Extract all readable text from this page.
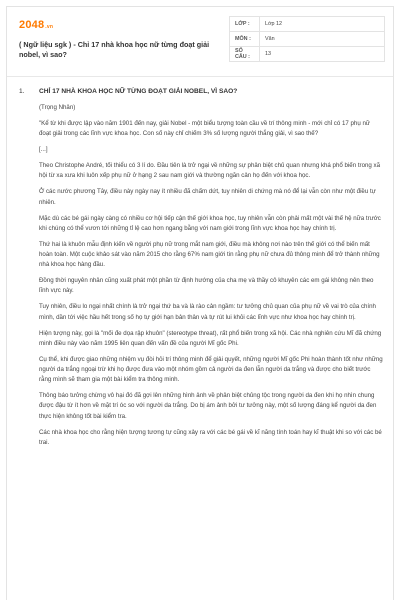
2048.vn
( Ngữ liệu sgk ) - Chỉ 17 nhà khoa học nữ từng đoạt giải nobel, vì sao?
LỚP :	Lớp 12
MÔN :	Văn
SỐ CÂU :	13
1.	CHỈ 17 NHÀ KHOA HỌC NỮ TỪNG ĐOẠT GIẢI NOBEL, VÌ SAO?

(Trọng Nhân)

"Kể từ khi được lập vào năm 1901 đến nay, giải Nobel - một biểu tượng toàn cầu về trí thông minh - mới chỉ có 17 phụ nữ đoạt giải trong các lĩnh vực khoa học. Con số này chỉ chiếm 3% số lượng người thắng giải, vì sao thế?

[...]

Theo Christophe André, tối thiểu có 3 lí do. Đầu tiên là trở ngại về những sự phân biệt chủ quan nhưng khá phổ biến trong xã hội từ xa xưa khi luôn xếp phụ nữ ở hạng 2 sau nam giới và thường ngăn cản họ đến với khoa học.

Ở các nước phương Tây, điều này ngày nay ít nhiều đã chấm dứt, tuy nhiên di chứng mà nó để lại vẫn còn như một điều tự nhiên.

Mặc dù các bé gái ngày càng có nhiều cơ hội tiếp cận thế giới khoa học, tuy nhiên vẫn còn phải mất một vài thế hệ nữa trước khi chúng có thể vươn tới những tỉ lệ cao hơn ngang bằng với nam giới trong lĩnh vực khoa học hay chính trị.

Thứ hai là khuôn mẫu định kiến về người phụ nữ trong mắt nam giới, điều mà không nơi nào trên thế giới có thể biến mất hoàn toàn. Một cuộc khảo sát vào năm 2015 cho rằng 67% nam giới tin rằng phụ nữ chưa đủ thông minh để trở thành những nhà khoa học hàng đầu.

Đồng thời nguyên nhân cũng xuất phát một phần từ định hướng của cha mẹ và thầy cô khuyên các em gái không nên theo lĩnh vực này.

Tuy nhiên, điều lo ngại nhất chính là trở ngại thứ ba và là rào cản ngầm: tư tưởng chủ quan của phụ nữ về vai trò của chính mình, dần tới việc hầu hết trong số họ tự giới hạn bản thân và tự rút lui khỏi các lĩnh vực như khoa học hay chính trị.

Hiện tượng này, gọi là "mối đe dọa rập khuôn" (stereotype threat), rất phổ biến trong xã hội. Các nhà nghiên cứu Mĩ đã chứng minh điều này vào năm 1995 liên quan đến vấn đề của người Mĩ gốc Phi.

Cụ thể, khi được giao những nhiệm vụ đòi hỏi trí thông minh để giải quyết, những người Mĩ gốc Phi hoàn thành tốt như những người da trắng ngoại trừ khi họ được đưa vào một nhóm gồm cả người da đen lẫn người da trắng và được cho biết trước rằng mình sẽ tham gia một bài kiểm tra thông minh.

Thông báo tưởng chừng vô hại đó đã gợi lên những hình ảnh về phân biệt chủng tộc trong người da đen khi họ nhìn chung được đậu từ ít hơn về mặt trí óc so với người da trắng. Do bị ám ảnh bởi tư tưởng này, một số lượng đáng kể người da đen thực hiện không tốt bài kiểm tra.

Các nhà khoa học cho rằng hiện tượng tương tự cũng xảy ra với các bé gái về kĩ năng tính toán hay kĩ thuật khi so với các bé trai.
